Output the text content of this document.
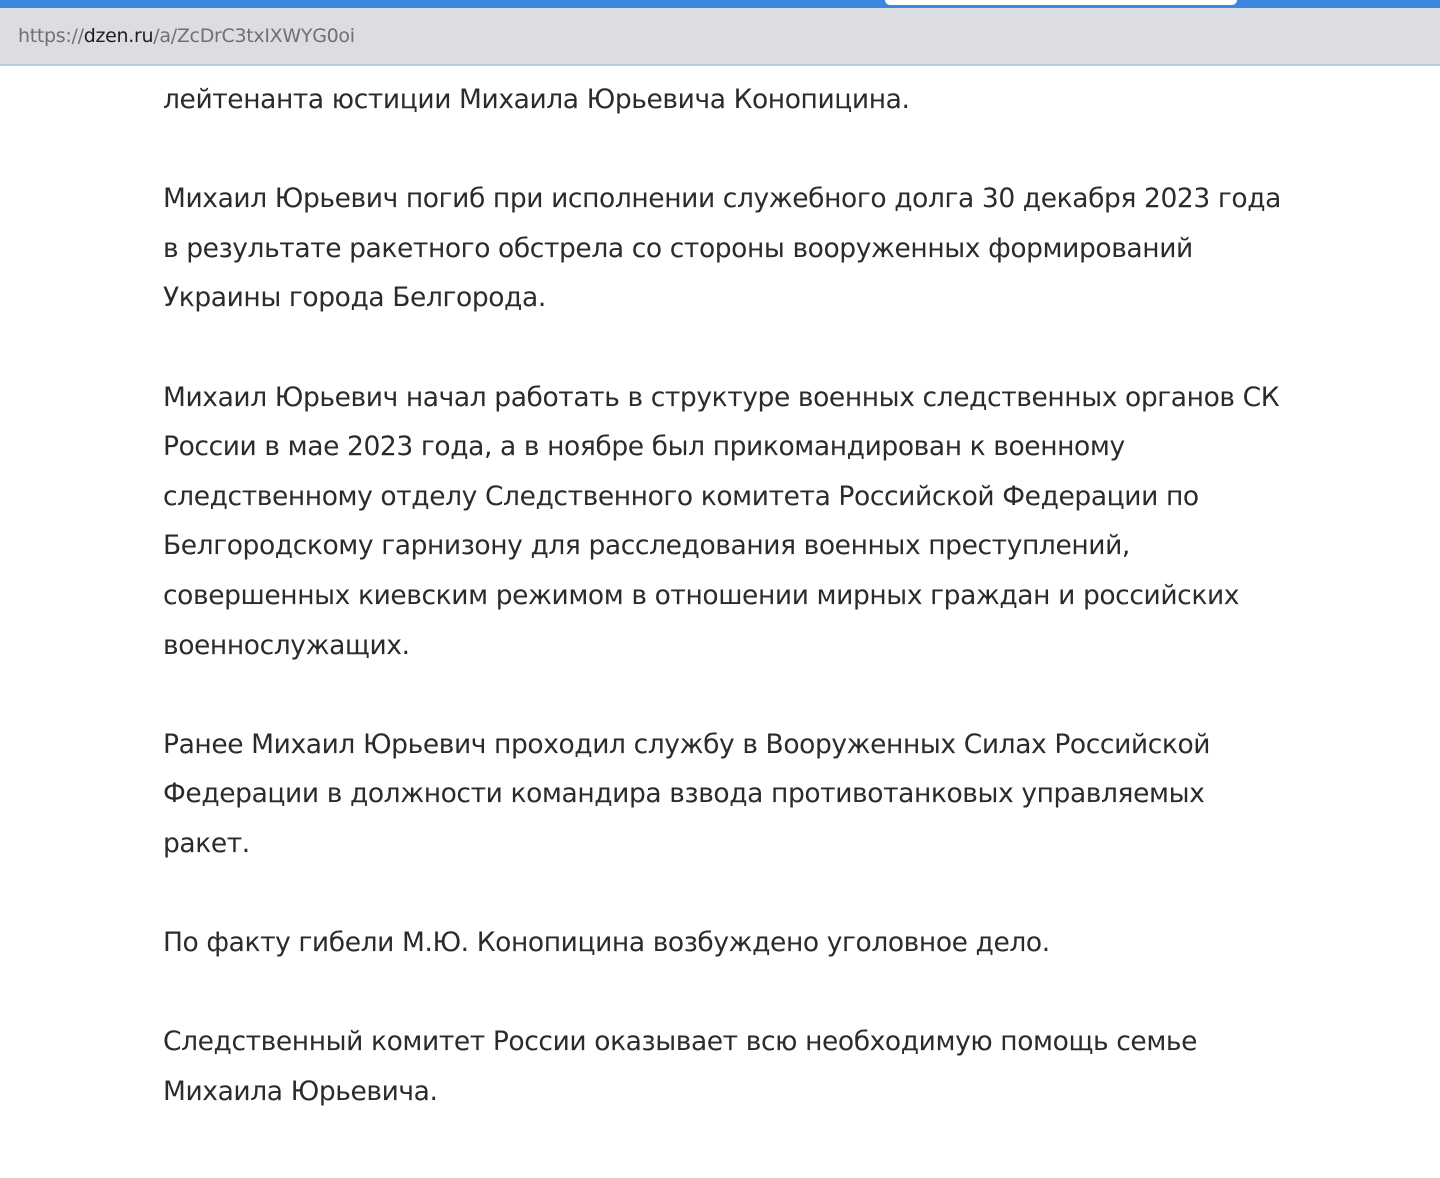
https://dzen.ru/a/ZcDrC3txIXWYG0oi

лейтенанта юстиции Михаила Юрьевича Конопицина.

Михаил Юрьевич погиб при исполнении служебного долга 30 декабря 2023 года
в результате ракетного обстрела со стороны вооруженных формирований
Украины города Белгорода.

Михаил Юрьевич начал работать в структуре военных следственных органов СК
России в мае 2023 года, а в ноябре был прикомандирован к военному
следственному отделу Следственного комитета Российской Федерации по
Белгородскому гарнизону для расследования военных преступлений,
совершенных киевским режимом в отношении мирных граждан и российских
военнослужащих.

Ранее Михаил Юрьевич проходил службу в Вооруженных Силах Российской
Федерации в должности командира взвода противотанковых управляемых
ракет.

По факту гибели М.Ю. Конопицина возбуждено уголовное дело.

Следственный комитет России оказывает всю необходимую помощь семье
Михаила Юрьевича.
